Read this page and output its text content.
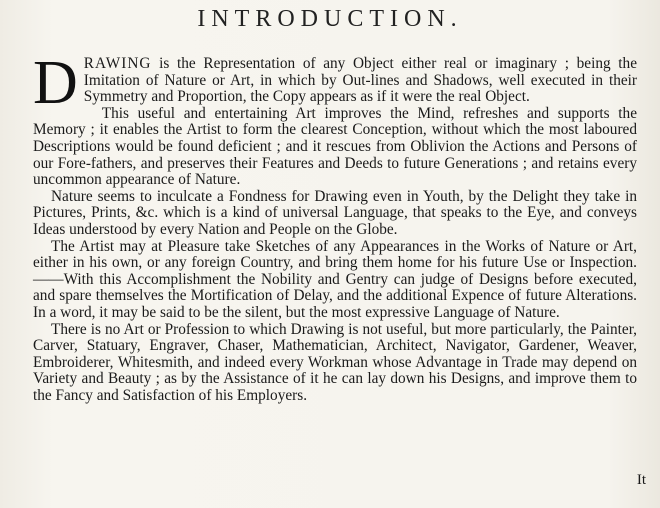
INTRODUCTION.

DRAWING is the Representation of any Object either real or imaginary ; being the Imitation of Nature or Art, in which by Out-lines and Shadows, well executed in their Symmetry and Proportion, the Copy appears as if it were the real Object.

This useful and entertaining Art improves the Mind, refreshes and supports the Memory ; it enables the Artist to form the clearest Conception, without which the most laboured Descriptions would be found deficient ; and it rescues from Oblivion the Actions and Persons of our Fore-fathers, and preserves their Features and Deeds to future Generations ; and retains every uncommon appearance of Nature.

Nature seems to inculcate a Fondness for Drawing even in Youth, by the Delight they take in Pictures, Prints, &c. which is a kind of universal Language, that speaks to the Eye, and conveys Ideas understood by every Nation and People on the Globe.

The Artist may at Pleasure take Sketches of any Appearances in the Works of Nature or Art, either in his own, or any foreign Country, and bring them home for his future Use or Inspection.——With this Accomplishment the Nobility and Gentry can judge of Designs before executed, and spare themselves the Mortification of Delay, and the additional Expence of future Alterations. In a word, it may be said to be the silent, but the most expressive Language of Nature.

There is no Art or Profession to which Drawing is not useful, but more particularly, the Painter, Carver, Statuary, Engraver, Chaser, Mathematician, Architect, Navigator, Gardener, Weaver, Embroiderer, Whitesmith, and indeed every Workman whose Advantage in Trade may depend on Variety and Beauty ; as by the Assistance of it he can lay down his Designs, and improve them to the Fancy and Satisfaction of his Employers.

It
